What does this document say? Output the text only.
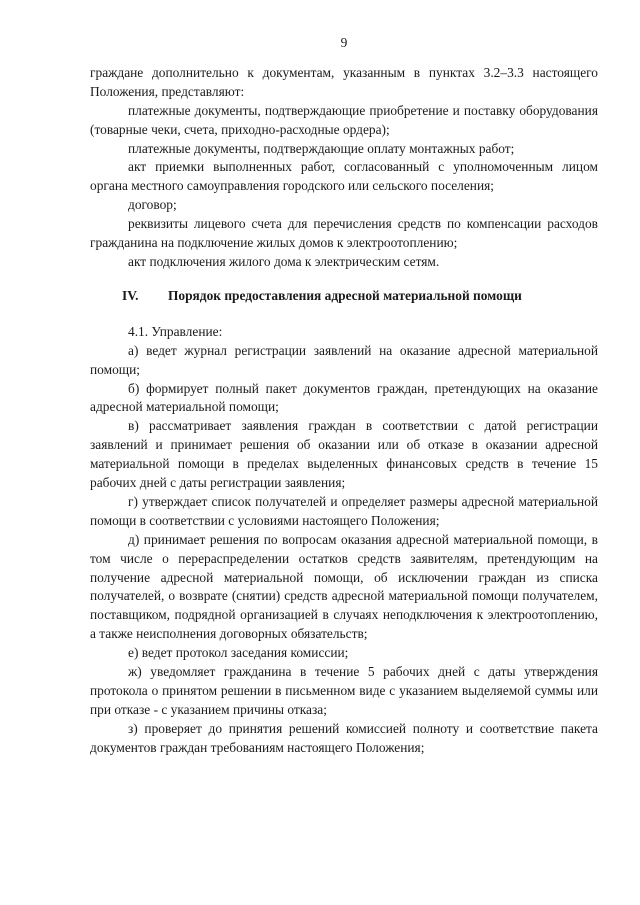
9

граждане дополнительно к документам, указанным в пунктах 3.2–3.3 настоящего Положения, представляют:

платежные документы, подтверждающие приобретение и поставку оборудования (товарные чеки, счета, приходно-расходные ордера);

платежные документы, подтверждающие оплату монтажных работ;

акт приемки выполненных работ, согласованный с уполномоченным лицом органа местного самоуправления городского или сельского поселения;

договор;

реквизиты лицевого счета для перечисления средств по компенсации расходов гражданина на подключение жилых домов к электроотоплению;

акт подключения жилого дома к электрическим сетям.

IV. Порядок предоставления адресной материальной помощи

4.1. Управление:

а) ведет журнал регистрации заявлений на оказание адресной материальной помощи;

б) формирует полный пакет документов граждан, претендующих на оказание адресной материальной помощи;

в) рассматривает заявления граждан в соответствии с датой регистрации заявлений и принимает решения об оказании или об отказе в оказании адресной материальной помощи в пределах выделенных финансовых средств в течение 15 рабочих дней с даты регистрации заявления;

г) утверждает список получателей и определяет размеры адресной материальной помощи в соответствии с условиями настоящего Положения;

д) принимает решения по вопросам оказания адресной материальной помощи, в том числе о перераспределении остатков средств заявителям, претендующим на получение адресной материальной помощи, об исключении граждан из списка получателей, о возврате (снятии) средств адресной материальной помощи получателем, поставщиком, подрядной организацией в случаях неподключения к электроотоплению, а также неисполнения договорных обязательств;

е) ведет протокол заседания комиссии;

ж) уведомляет гражданина в течение 5 рабочих дней с даты утверждения протокола о принятом решении в письменном виде с указанием выделяемой суммы или при отказе - с указанием причины отказа;

з) проверяет до принятия решений комиссией полноту и соответствие пакета документов граждан требованиям настоящего Положения;
